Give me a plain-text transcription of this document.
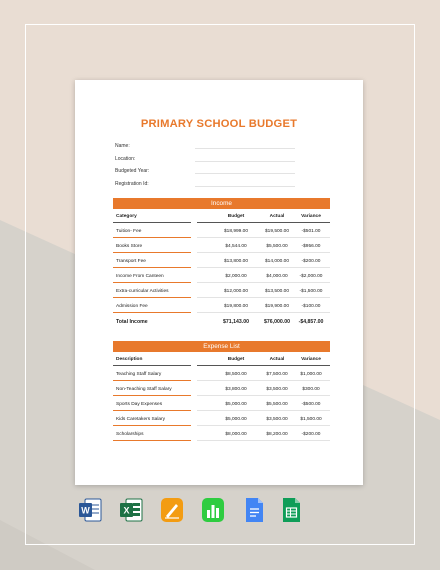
PRIMARY SCHOOL BUDGET
Name:
Location:
Budgeted Year:
Registration Id:
Income
Category	Budget	Actual	Variance
Tuition- Fee	$18,999.00	$19,500.00	-$501.00
Books Store	$4,544.00	$5,500.00	-$956.00
Transport Fee	$13,800.00	$14,000.00	-$200.00
Income From Canteen	$2,000.00	$4,000.00	-$2,000.00
Extra-curricular Activities	$12,000.00	$13,500.00	-$1,500.00
Admission Fee	$19,800.00	$19,900.00	-$100.00
Total Income	$71,143.00	$76,000.00	-$4,857.00
Expense List
Description	Budget	Actual	Variance
Teaching Staff Salary	$8,500.00	$7,500.00	$1,000.00
Non-Teaching Staff Salary	$3,800.00	$3,500.00	$300.00
Sports Day Expenses	$5,000.00	$5,500.00	-$500.00
Kids Caretakers Salary	$5,000.00	$3,500.00	$1,500.00
Scholarships	$8,000.00	$8,200.00	-$200.00
W	X
